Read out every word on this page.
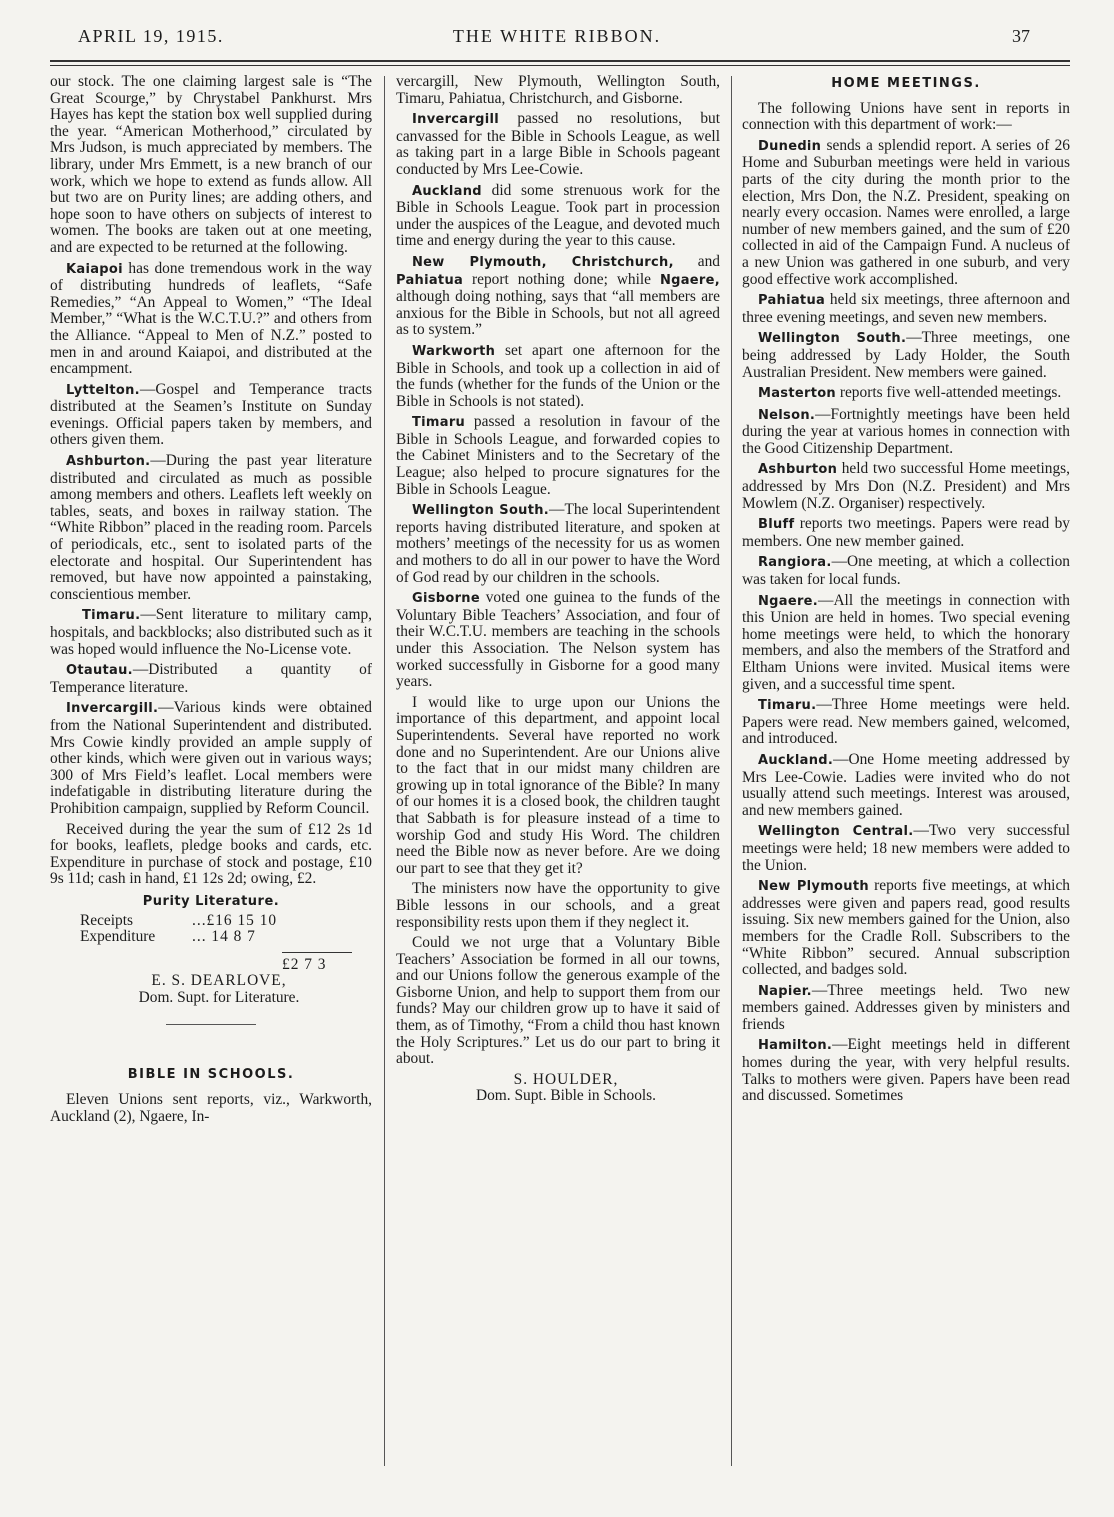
APRIL 19, 1915.	THE WHITE RIBBON.	37

our stock. The one claiming largest sale is “The Great Scourge,” by Chrystabel Pankhurst. Mrs Hayes has kept the station box well supplied during the year. “American Motherhood,” circulated by Mrs Judson, is much appreciated by members. The library, under Mrs Emmett, is a new branch of our work, which we hope to extend as funds allow. All but two are on Purity lines; are adding others, and hope soon to have others on subjects of interest to women. The books are taken out at one meeting, and are expected to be returned at the following.

Kaiapoi has done tremendous work in the way of distributing hundreds of leaflets, “Safe Remedies,” “An Appeal to Women,” “The Ideal Member,” “What is the W.C.T.U.?” and others from the Alliance. “Appeal to Men of N.Z.” posted to men in and around Kaiapoi, and distributed at the encampment.

Lyttelton.—Gospel and Temperance tracts distributed at the Seamen’s Institute on Sunday evenings. Official papers taken by members, and others given them.

Ashburton.—During the past year literature distributed and circulated as much as possible among members and others. Leaflets left weekly on tables, seats, and boxes in railway station. The “White Ribbon” placed in the reading room. Parcels of periodicals, etc., sent to isolated parts of the electorate and hospital. Our Superintendent has removed, but have now appointed a painstaking, conscientious member.

Timaru.—Sent literature to military camp, hospitals, and backblocks; also distributed such as it was hoped would influence the No-License vote.

Otautau.—Distributed a quantity of Temperance literature.

Invercargill.—Various kinds were obtained from the National Superintendent and distributed. Mrs Cowie kindly provided an ample supply of other kinds, which were given out in various ways; 300 of Mrs Field’s leaflet. Local members were indefatigable in distributing literature during the Prohibition campaign, supplied by Reform Council.

Received during the year the sum of £12 2s 1d for books, leaflets, pledge books and cards, etc. Expenditure in purchase of stock and postage, £10 9s 11d; cash in hand, £1 12s 2d; owing, £2.

Purity Literature.
Receipts	...£16 15 10
Expenditure	... 14 8 7
£2 7 3

E. S. DEARLOVE,

Dom. Supt. for Literature.

BIBLE IN SCHOOLS.

Eleven Unions sent reports, viz., Warkworth, Auckland (2), Ngaere, In-

vercargill, New Plymouth, Wellington South, Timaru, Pahiatua, Christchurch, and Gisborne.

Invercargill passed no resolutions, but canvassed for the Bible in Schools League, as well as taking part in a large Bible in Schools pageant conducted by Mrs Lee-Cowie.

Auckland did some strenuous work for the Bible in Schools League. Took part in procession under the auspices of the League, and devoted much time and energy during the year to this cause.

New Plymouth, Christchurch, and Pahiatua report nothing done; while Ngaere, although doing nothing, says that “all members are anxious for the Bible in Schools, but not all agreed as to system.”

Warkworth set apart one afternoon for the Bible in Schools, and took up a collection in aid of the funds (whether for the funds of the Union or the Bible in Schools is not stated).

Timaru passed a resolution in favour of the Bible in Schools League, and forwarded copies to the Cabinet Ministers and to the Secretary of the League; also helped to procure signatures for the Bible in Schools League.

Wellington South.—The local Superintendent reports having distributed literature, and spoken at mothers’ meetings of the necessity for us as women and mothers to do all in our power to have the Word of God read by our children in the schools.

Gisborne voted one guinea to the funds of the Voluntary Bible Teachers’ Association, and four of their W.C.T.U. members are teaching in the schools under this Association. The Nelson system has worked successfully in Gisborne for a good many years.

I would like to urge upon our Unions the importance of this department, and appoint local Superintendents. Several have reported no work done and no Superintendent. Are our Unions alive to the fact that in our midst many children are growing up in total ignorance of the Bible? In many of our homes it is a closed book, the children taught that Sabbath is for pleasure instead of a time to worship God and study His Word. The children need the Bible now as never before. Are we doing our part to see that they get it?

The ministers now have the opportunity to give Bible lessons in our schools, and a great responsibility rests upon them if they neglect it.

Could we not urge that a Voluntary Bible Teachers’ Association be formed in all our towns, and our Unions follow the generous example of the Gisborne Union, and help to support them from our funds? May our children grow up to have it said of them, as of Timothy, “From a child thou hast known the Holy Scriptures.” Let us do our part to bring it about.

S. HOULDER,

Dom. Supt. Bible in Schools.

HOME MEETINGS.

The following Unions have sent in reports in connection with this department of work:—

Dunedin sends a splendid report. A series of 26 Home and Suburban meetings were held in various parts of the city during the month prior to the election, Mrs Don, the N.Z. President, speaking on nearly every occasion. Names were enrolled, a large number of new members gained, and the sum of £20 collected in aid of the Campaign Fund. A nucleus of a new Union was gathered in one suburb, and very good effective work accomplished.

Pahiatua held six meetings, three afternoon and three evening meetings, and seven new members.

Wellington South.—Three meetings, one being addressed by Lady Holder, the South Australian President. New members were gained.

Masterton reports five well-attended meetings.

Nelson.—Fortnightly meetings have been held during the year at various homes in connection with the Good Citizenship Department.

Ashburton held two successful Home meetings, addressed by Mrs Don (N.Z. President) and Mrs Mowlem (N.Z. Organiser) respectively.

Bluff reports two meetings. Papers were read by members. One new member gained.

Rangiora.—One meeting, at which a collection was taken for local funds.

Ngaere.—All the meetings in connection with this Union are held in homes. Two special evening home meetings were held, to which the honorary members, and also the members of the Stratford and Eltham Unions were invited. Musical items were given, and a successful time spent.

Timaru.—Three Home meetings were held. Papers were read. New members gained, welcomed, and introduced.

Auckland.—One Home meeting addressed by Mrs Lee-Cowie. Ladies were invited who do not usually attend such meetings. Interest was aroused, and new members gained.

Wellington Central.—Two very successful meetings were held; 18 new members were added to the Union.

New Plymouth reports five meetings, at which addresses were given and papers read, good results issuing. Six new members gained for the Union, also members for the Cradle Roll. Subscribers to the “White Ribbon” secured. Annual subscription collected, and badges sold.

Napier.—Three meetings held. Two new members gained. Addresses given by ministers and friends

Hamilton.—Eight meetings held in different homes during the year, with very helpful results. Talks to mothers were given. Papers have been read and discussed. Sometimes
